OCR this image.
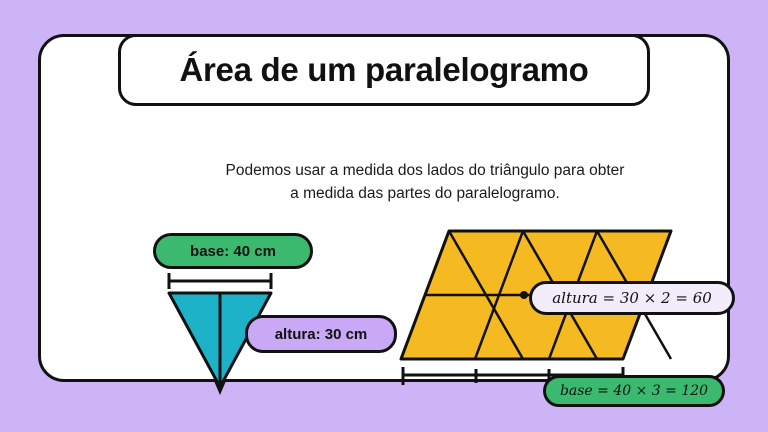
Podemos usar a medida dos lados do triângulo para obter
a medida das partes do paralelogramo.
base: 40 cm
altura: 30 cm
altura = 30 × 2 = 60
base = 40 × 3 = 120
Área de um paralelogramo
